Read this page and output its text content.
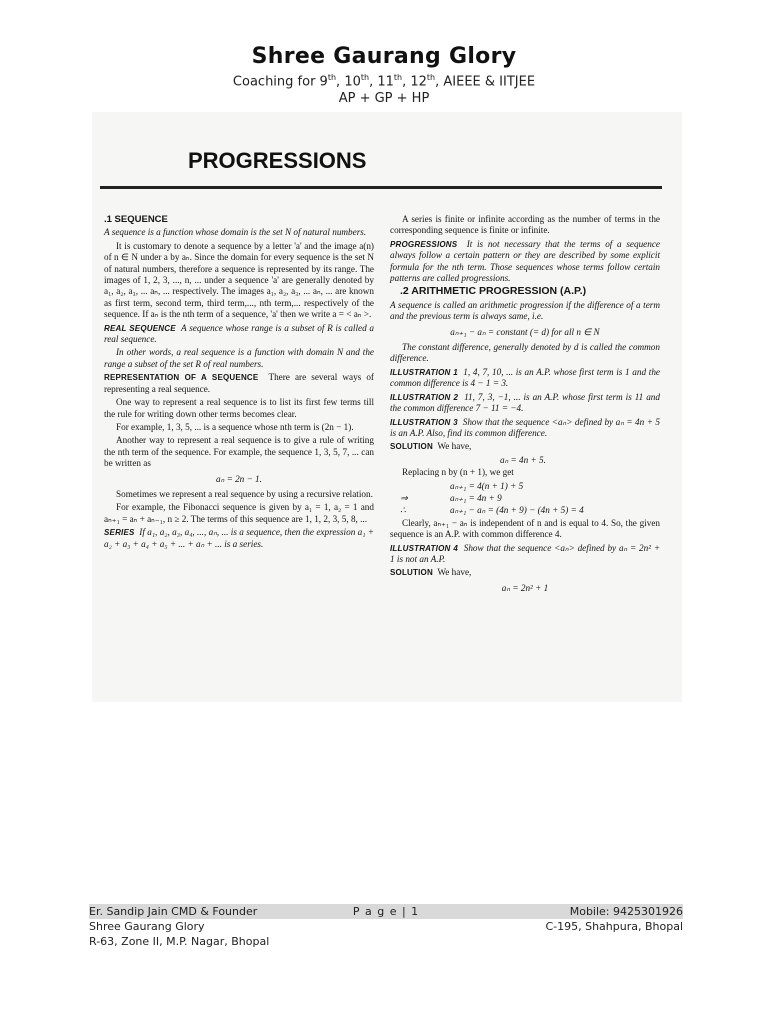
Shree Gaurang Glory
Coaching for 9th, 10th, 11th, 12th, AIEEE & IITJEE
AP + GP + HP
PROGRESSIONS
.1 SEQUENCE

A sequence is a function whose domain is the set N of natural numbers.

It is customary to denote a sequence by a letter 'a' and the image a(n) of n ∈ N under a by aₙ. Since the domain for every sequence is the set N of natural numbers, therefore a sequence is represented by its range. The images of 1, 2, 3, ..., n, ... under a sequence 'a' are generally denoted by a₁, a₂, a₃, ... aₙ, ... respectively. The images a₁, a₂, a₃, ... aₙ, ... are known as first term, second term, third term,..., nth term,... respectively of the sequence. If aₙ is the nth term of a sequence, 'a' then we write a = < aₙ >.

REAL SEQUENCE A sequence whose range is a subset of R is called a real sequence.

In other words, a real sequence is a function with domain N and the range a subset of the set R of real numbers.

REPRESENTATION OF A SEQUENCE There are several ways of representing a real sequence.

One way to represent a real sequence is to list its first few terms till the rule for writing down other terms becomes clear.

For example, 1, 3, 5, ... is a sequence whose nth term is (2n − 1).

Another way to represent a real sequence is to give a rule of writing the nth term of the sequence. For example, the sequence 1, 3, 5, 7, ... can be written as

aₙ = 2n − 1.

Sometimes we represent a real sequence by using a recursive relation.

For example, the Fibonacci sequence is given by a₁ = 1, a₂ = 1 and aₙ₊₁ = aₙ + aₙ₋₁, n ≥ 2. The terms of this sequence are 1, 1, 2, 3, 5, 8, ...

SERIES If a₁, a₂, a₃, a₄, ..., aₙ, ... is a sequence, then the expression a₁ + a₂ + a₃ + a₄ + a₅ + ... + aₙ + ... is a series.

A series is finite or infinite according as the number of terms in the corresponding sequence is finite or infinite.

PROGRESSIONS It is not necessary that the terms of a sequence always follow a certain pattern or they are described by some explicit formula for the nth term. Those sequences whose terms follow certain patterns are called progressions.

.2 ARITHMETIC PROGRESSION (A.P.)

A sequence is called an arithmetic progression if the difference of a term and the previous term is always same, i.e.

aₙ₊₁ − aₙ = constant (= d) for all n ∈ N

The constant difference, generally denoted by d is called the common difference.

ILLUSTRATION 1 1, 4, 7, 10, ... is an A.P. whose first term is 1 and the common difference is 4 − 1 = 3.

ILLUSTRATION 2 11, 7, 3, −1, ... is an A.P. whose first term is 11 and the common difference 7 − 11 = −4.

ILLUSTRATION 3 Show that the sequence <aₙ> defined by aₙ = 4n + 5 is an A.P. Also, find its common difference.

SOLUTION We have,

aₙ = 4n + 5.

Replacing n by (n + 1), we get

aₙ₊₁ = 4(n + 1) + 5
⇒	aₙ₊₁ = 4n + 9
∴	aₙ₊₁ − aₙ = (4n + 9) − (4n + 5) = 4

Clearly, aₙ₊₁ − aₙ is independent of n and is equal to 4. So, the given sequence is an A.P. with common difference 4.

ILLUSTRATION 4 Show that the sequence <aₙ> defined by aₙ = 2n² + 1 is not an A.P.

SOLUTION We have,

aₙ = 2n² + 1

Er. Sandip Jain CMD & Founder	P a g e | 1	Mobile: 9425301926
Shree Gaurang Glory	C-195, Shahpura, Bhopal
R-63, Zone II, M.P. Nagar, Bhopal
